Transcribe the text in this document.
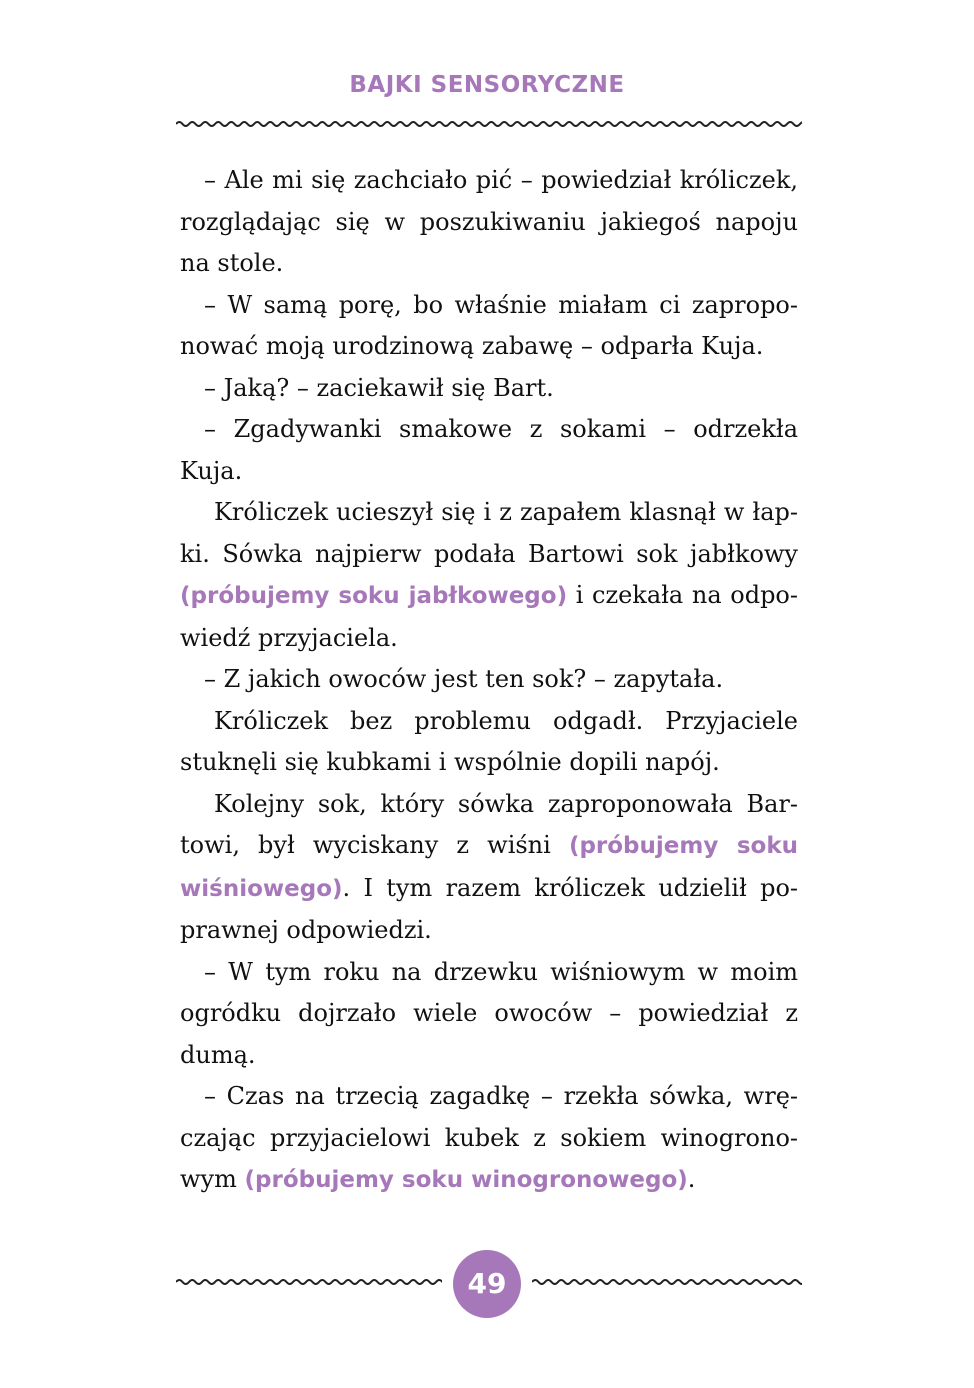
BAJKI SENSORYCZNE

– Ale mi się zachciało pić – powiedział króliczek, rozglądając się w poszukiwaniu jakiegoś napoju na stole.

– W samą porę, bo właśnie miałam ci zaproponować moją urodzinową zabawę – odparła Kuja.

– Jaką? – zaciekawił się Bart.

– Zgadywanki smakowe z sokami – odrzekła Kuja.

Króliczek ucieszył się i z zapałem klasnął w łapki. Sówka najpierw podała Bartowi sok jabłkowy (próbujemy soku jabłkowego) i czekała na odpowiedź przyjaciela.

– Z jakich owoców jest ten sok? – zapytała.

Króliczek bez problemu odgadł. Przyjaciele stuknęli się kubkami i wspólnie dopili napój.

Kolejny sok, który sówka zaproponowała Bartowi, był wyciskany z wiśni (próbujemy soku wiśniowego). I tym razem króliczek udzielił poprawnej odpowiedzi.

– W tym roku na drzewku wiśniowym w moim ogródku dojrzało wiele owoców – powiedział z dumą.

– Czas na trzecią zagadkę – rzekła sówka, wręczając przyjacielowi kubek z sokiem winogronowym (próbujemy soku winogronowego).

49
